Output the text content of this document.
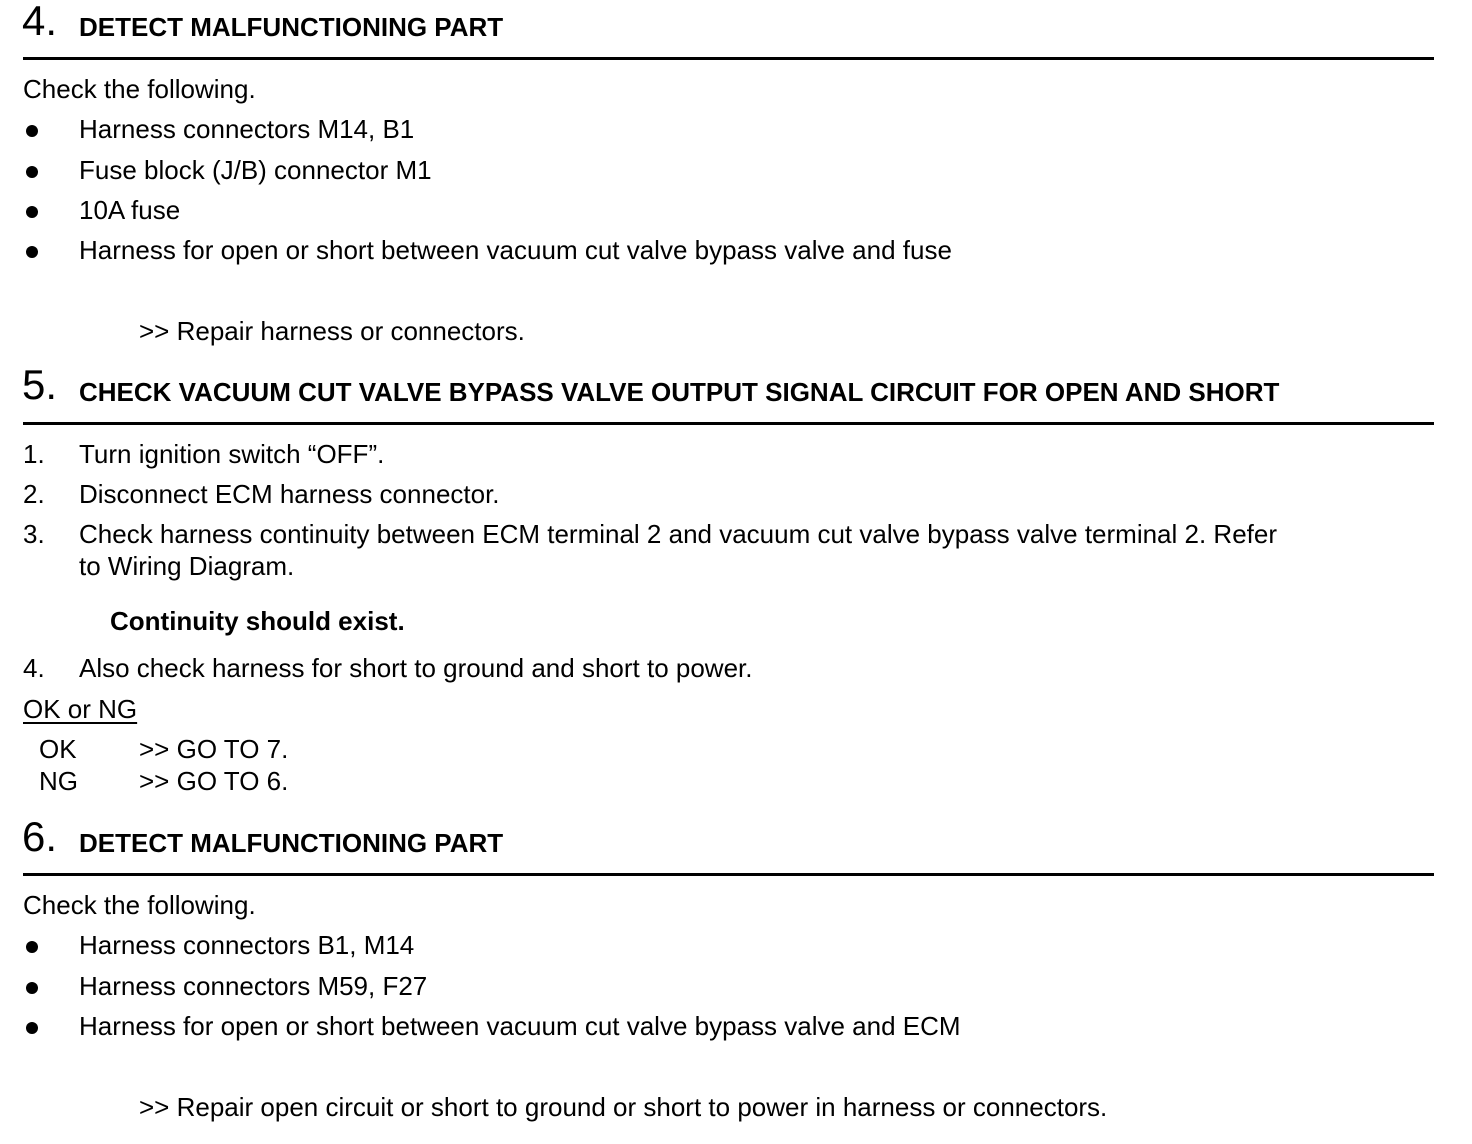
4. DETECT MALFUNCTIONING PART
Check the following.
Harness connectors M14, B1
Fuse block (J/B) connector M1
10A fuse
Harness for open or short between vacuum cut valve bypass valve and fuse
>> Repair harness or connectors.
5. CHECK VACUUM CUT VALVE BYPASS VALVE OUTPUT SIGNAL CIRCUIT FOR OPEN AND SHORT
1. Turn ignition switch “OFF”.
2. Disconnect ECM harness connector.
3. Check harness continuity between ECM terminal 2 and vacuum cut valve bypass valve terminal 2. Refer
to Wiring Diagram.
Continuity should exist.
4. Also check harness for short to ground and short to power.
OK or NG
OK >> GO TO 7.
NG >> GO TO 6.
6. DETECT MALFUNCTIONING PART
Check the following.
Harness connectors B1, M14
Harness connectors M59, F27
Harness for open or short between vacuum cut valve bypass valve and ECM
>> Repair open circuit or short to ground or short to power in harness or connectors.
